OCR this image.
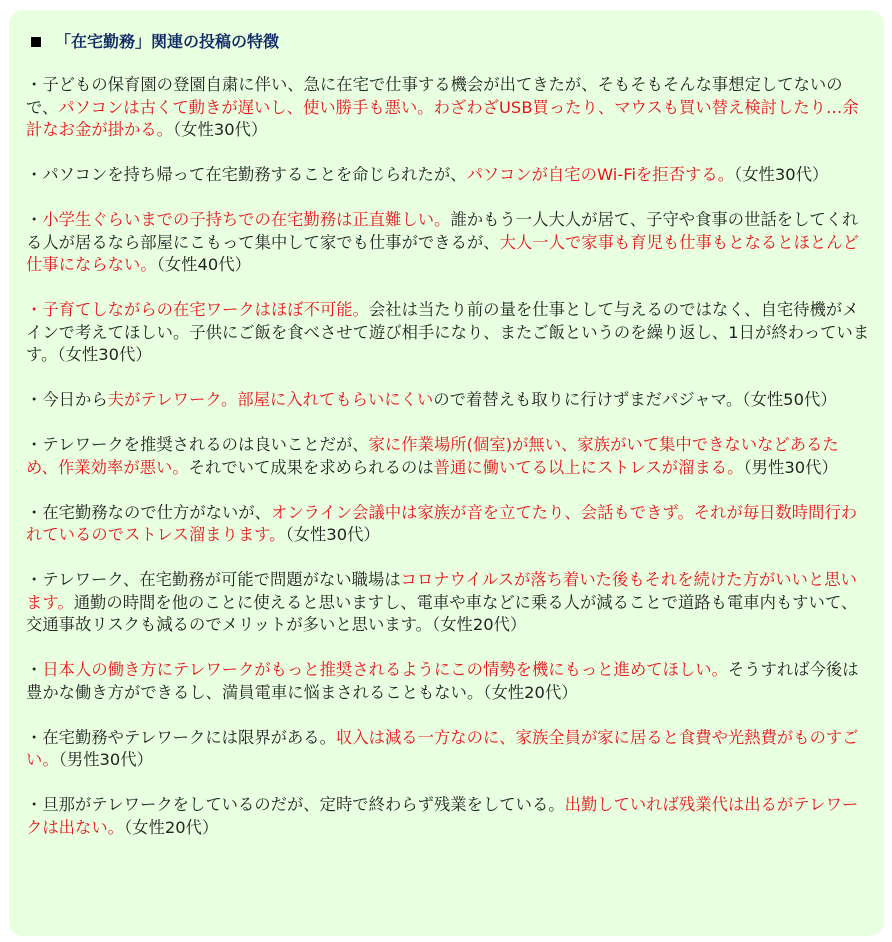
「在宅勤務」関連の投稿の特徴

・子どもの保育園の登園自粛に伴い、急に在宅で仕事する機会が出てきたが、そもそもそんな事想定してないので、パソコンは古くて動きが遅いし、使い勝手も悪い。わざわざUSB買ったり、マウスも買い替え検討したり…余計なお金が掛かる。（女性30代）

・パソコンを持ち帰って在宅勤務することを命じられたが、パソコンが自宅のWi-Fiを拒否する。（女性30代）

・小学生ぐらいまでの子持ちでの在宅勤務は正直難しい。誰かもう一人大人が居て、子守や食事の世話をしてくれる人が居るなら部屋にこもって集中して家でも仕事ができるが、大人一人で家事も育児も仕事もとなるとほとんど仕事にならない。（女性40代）

・子育てしながらの在宅ワークはほぼ不可能。会社は当たり前の量を仕事として与えるのではなく、自宅待機がメインで考えてほしい。子供にご飯を食べさせて遊び相手になり、またご飯というのを繰り返し、1日が終わっています。（女性30代）

・今日から夫がテレワーク。部屋に入れてもらいにくいので着替えも取りに行けずまだパジャマ。（女性50代）

・テレワークを推奨されるのは良いことだが、家に作業場所(個室)が無い、家族がいて集中できないなどあるため、作業効率が悪い。それでいて成果を求められるのは普通に働いてる以上にストレスが溜まる。（男性30代）

・在宅勤務なので仕方がないが、オンライン会議中は家族が音を立てたり、会話もできず。それが毎日数時間行われているのでストレス溜まります。（女性30代）

・テレワーク、在宅勤務が可能で問題がない職場はコロナウイルスが落ち着いた後もそれを続けた方がいいと思います。通勤の時間を他のことに使えると思いますし、電車や車などに乗る人が減ることで道路も電車内もすいて、交通事故リスクも減るのでメリットが多いと思います。（女性20代）

・日本人の働き方にテレワークがもっと推奨されるようにこの情勢を機にもっと進めてほしい。そうすれば今後は豊かな働き方ができるし、満員電車に悩まされることもない。（女性20代）

・在宅勤務やテレワークには限界がある。収入は減る一方なのに、家族全員が家に居ると食費や光熱費がものすごい。（男性30代）

・旦那がテレワークをしているのだが、定時で終わらず残業をしている。出勤していれば残業代は出るがテレワークは出ない。（女性20代）
